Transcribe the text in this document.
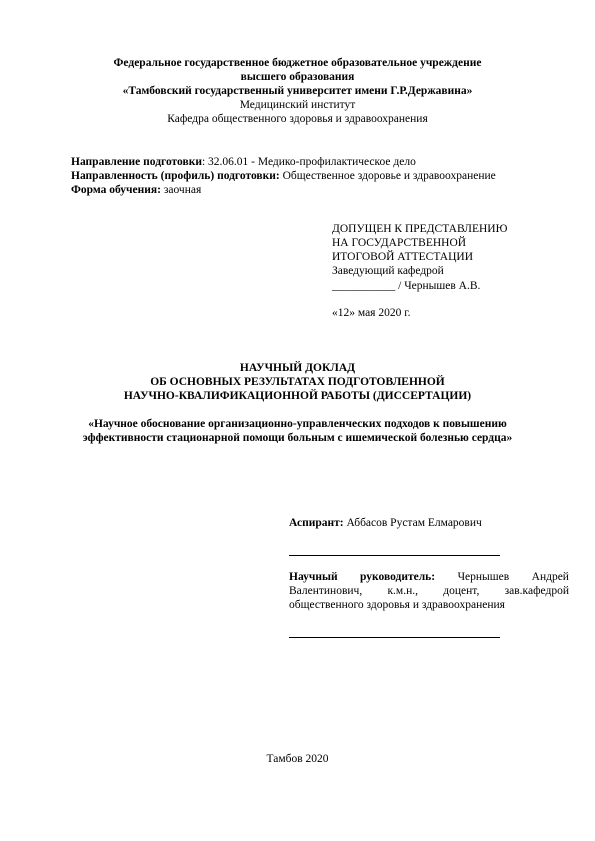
Федеральное государственное бюджетное образовательное учреждение
высшего образования
«Тамбовский государственный университет имени Г.Р.Державина»
Медицинский институт
Кафедра общественного здоровья и здравоохранения
Направление подготовки: 32.06.01 - Медико-профилактическое дело
Направленность (профиль) подготовки: Общественное здоровье и здравоохранение
Форма обучения: заочная
ДОПУЩЕН К ПРЕДСТАВЛЕНИЮ
НА ГОСУДАРСТВЕННОЙ
ИТОГОВОЙ АТТЕСТАЦИИ
Заведующий кафедрой
___________ / Чернышев А.В.
«12» мая 2020 г.
НАУЧНЫЙ ДОКЛАД
ОБ ОСНОВНЫХ РЕЗУЛЬТАТАХ ПОДГОТОВЛЕННОЙ
НАУЧНО-КВАЛИФИКАЦИОННОЙ РАБОТЫ (ДИССЕРТАЦИИ)
«Научное обоснование организационно-управленческих подходов к повышению
эффективности стационарной помощи больным с ишемической болезнью сердца»
Аспирант: Аббасов Рустам Елмарович
Научный руководитель: Чернышев Андрей
Валентинович, к.м.н., доцент, зав.кафедрой
общественного здоровья и здравоохранения
Тамбов 2020
